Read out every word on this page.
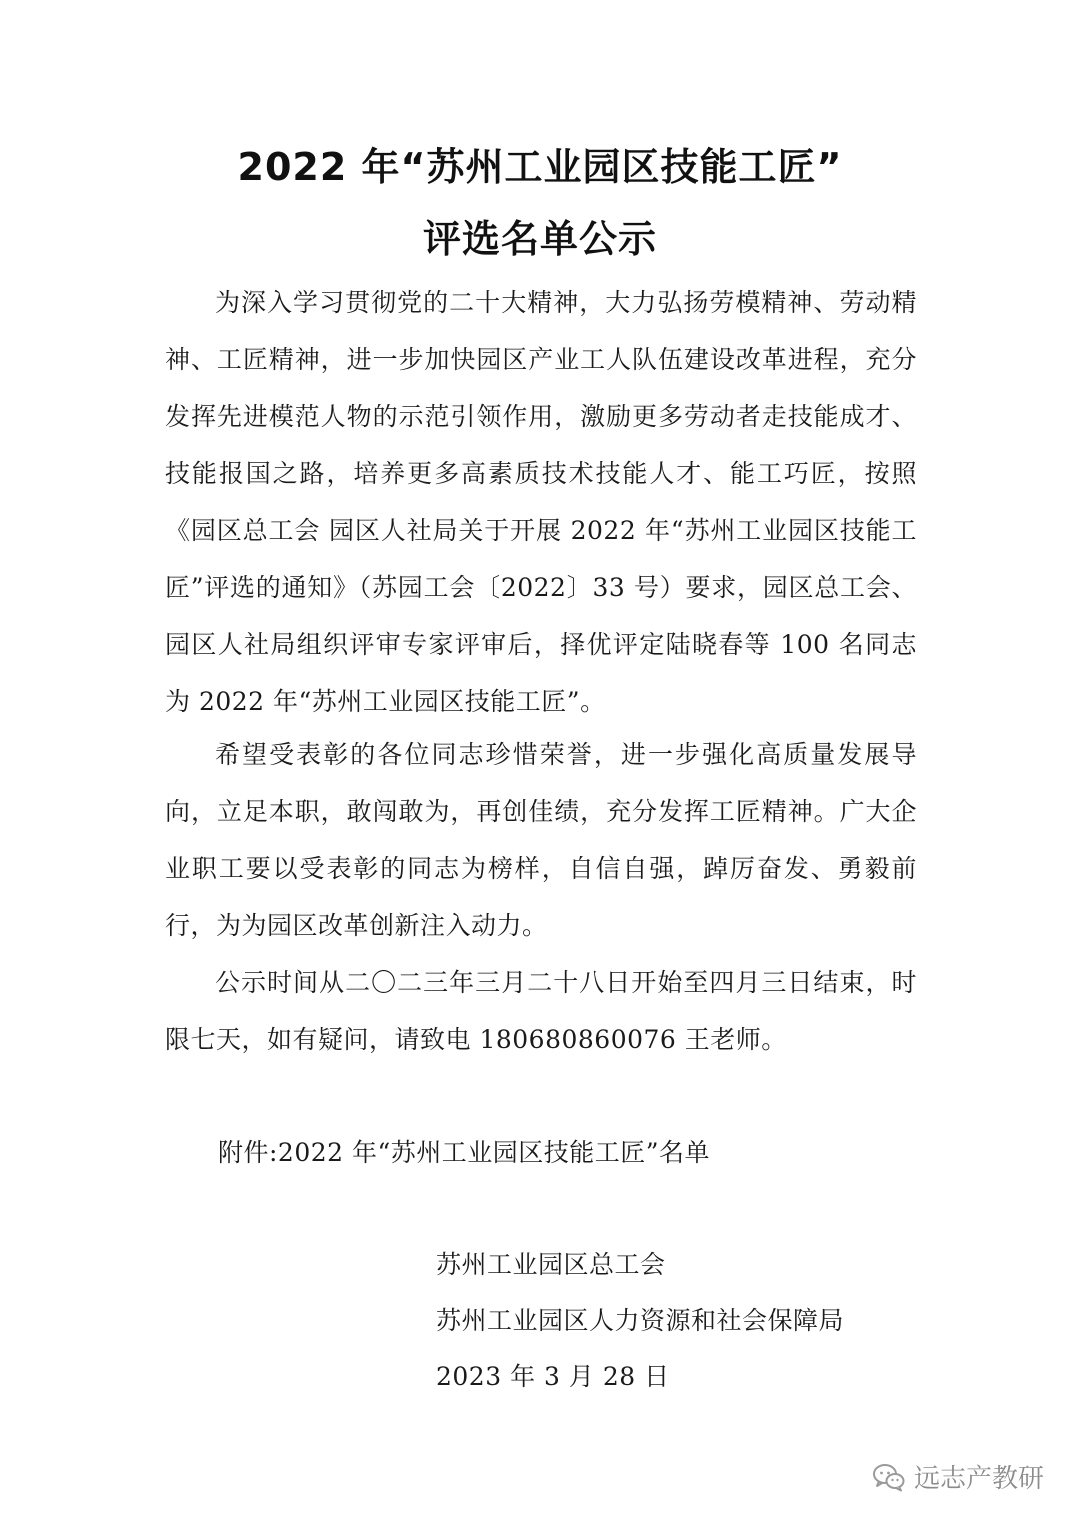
2022 年“苏州工业园区技能工匠”
评选名单公示

为深入学习贯彻党的二十大精神，大力弘扬劳模精神、劳动精神、工匠精神，进一步加快园区产业工人队伍建设改革进程，充分发挥先进模范人物的示范引领作用，激励更多劳动者走技能成才、技能报国之路，培养更多高素质技术技能人才、能工巧匠，按照《园区总工会 园区人社局关于开展 2022 年“苏州工业园区技能工匠”评选的通知》（苏园工会〔2022〕33 号）要求，园区总工会、园区人社局组织评审专家评审后，择优评定陆晓春等 100 名同志为 2022 年“苏州工业园区技能工匠”。

希望受表彰的各位同志珍惜荣誉，进一步强化高质量发展导向，立足本职，敢闯敢为，再创佳绩，充分发挥工匠精神。广大企业职工要以受表彰的同志为榜样，自信自强，踔厉奋发、勇毅前行，为为园区改革创新注入动力。

公示时间从二〇二三年三月二十八日开始至四月三日结束，时限七天，如有疑问，请致电 180680860076 王老师。

附件:2022 年“苏州工业园区技能工匠”名单
苏州工业园区总工会
苏州工业园区人力资源和社会保障局
2023 年 3 月 28 日
远志产教研
